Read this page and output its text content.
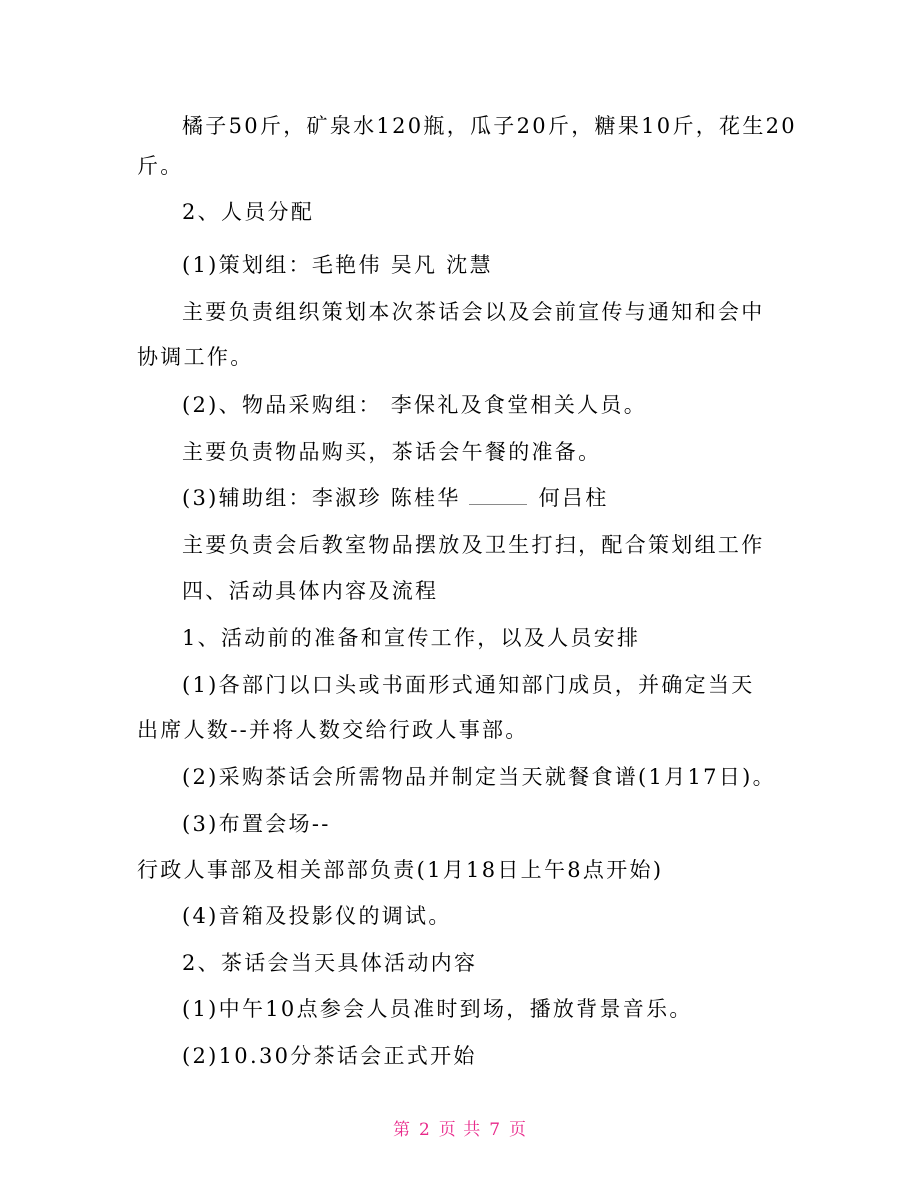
橘子50斤，矿泉水120瓶，瓜子20斤，糖果10斤，花生20
斤。
2、人员分配
(1)策划组：毛艳伟 吴凡 沈慧
主要负责组织策划本次茶话会以及会前宣传与通知和会中
协调工作。
(2)、物品采购组： 李保礼及食堂相关人员。
主要负责物品购买，茶话会午餐的准备。
(3)辅助组：李淑珍 陈桂华	何吕柱
主要负责会后教室物品摆放及卫生打扫，配合策划组工作
四、活动具体内容及流程
1、活动前的准备和宣传工作，以及人员安排
(1)各部门以口头或书面形式通知部门成员，并确定当天
出席人数--并将人数交给行政人事部。
(2)采购茶话会所需物品并制定当天就餐食谱(1月17日)。
(3)布置会场--
行政人事部及相关部部负责(1月18日上午8点开始)
(4)音箱及投影仪的调试。
2、茶话会当天具体活动内容
(1)中午10点参会人员准时到场，播放背景音乐。
(2)10.30分茶话会正式开始
第 2 页 共 7 页
